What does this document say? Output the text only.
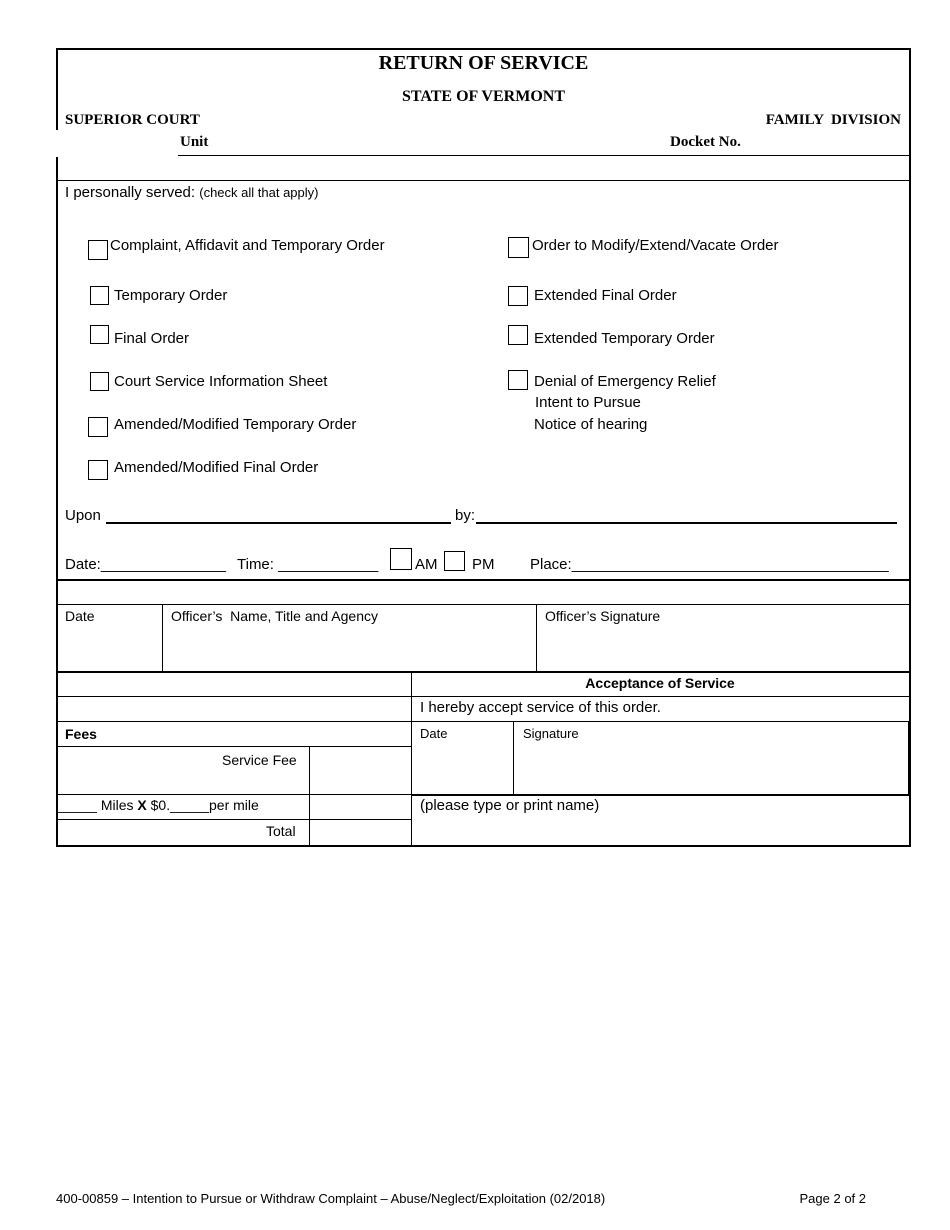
RETURN OF SERVICE
STATE OF VERMONT
SUPERIOR COURT	FAMILY  DIVISION
Unit	Docket No.
I personally served: (check all that apply)
Complaint, Affidavit and Temporary Order
Temporary Order
Final Order
Court Service Information Sheet
Amended/Modified Temporary Order
Amended/Modified Final Order
Order to Modify/Extend/Vacate Order
Extended Final Order
Extended Temporary Order
Denial of Emergency Relief
Intent to Pursue
Notice of hearing
Upon	by:
Date:_______________ Time: ____________ AM PM Place:______________________________________
Date	Officer’s  Name, Title and Agency	Officer’s Signature
Acceptance of Service
I hereby accept service of this order.
Fees
Service Fee
_____ Miles X $0._____per mile
Total
Date	Signature
(please type or print name)
400-00859 – Intention to Pursue or Withdraw Complaint – Abuse/Neglect/Exploitation (02/2018)	Page 2 of 2
